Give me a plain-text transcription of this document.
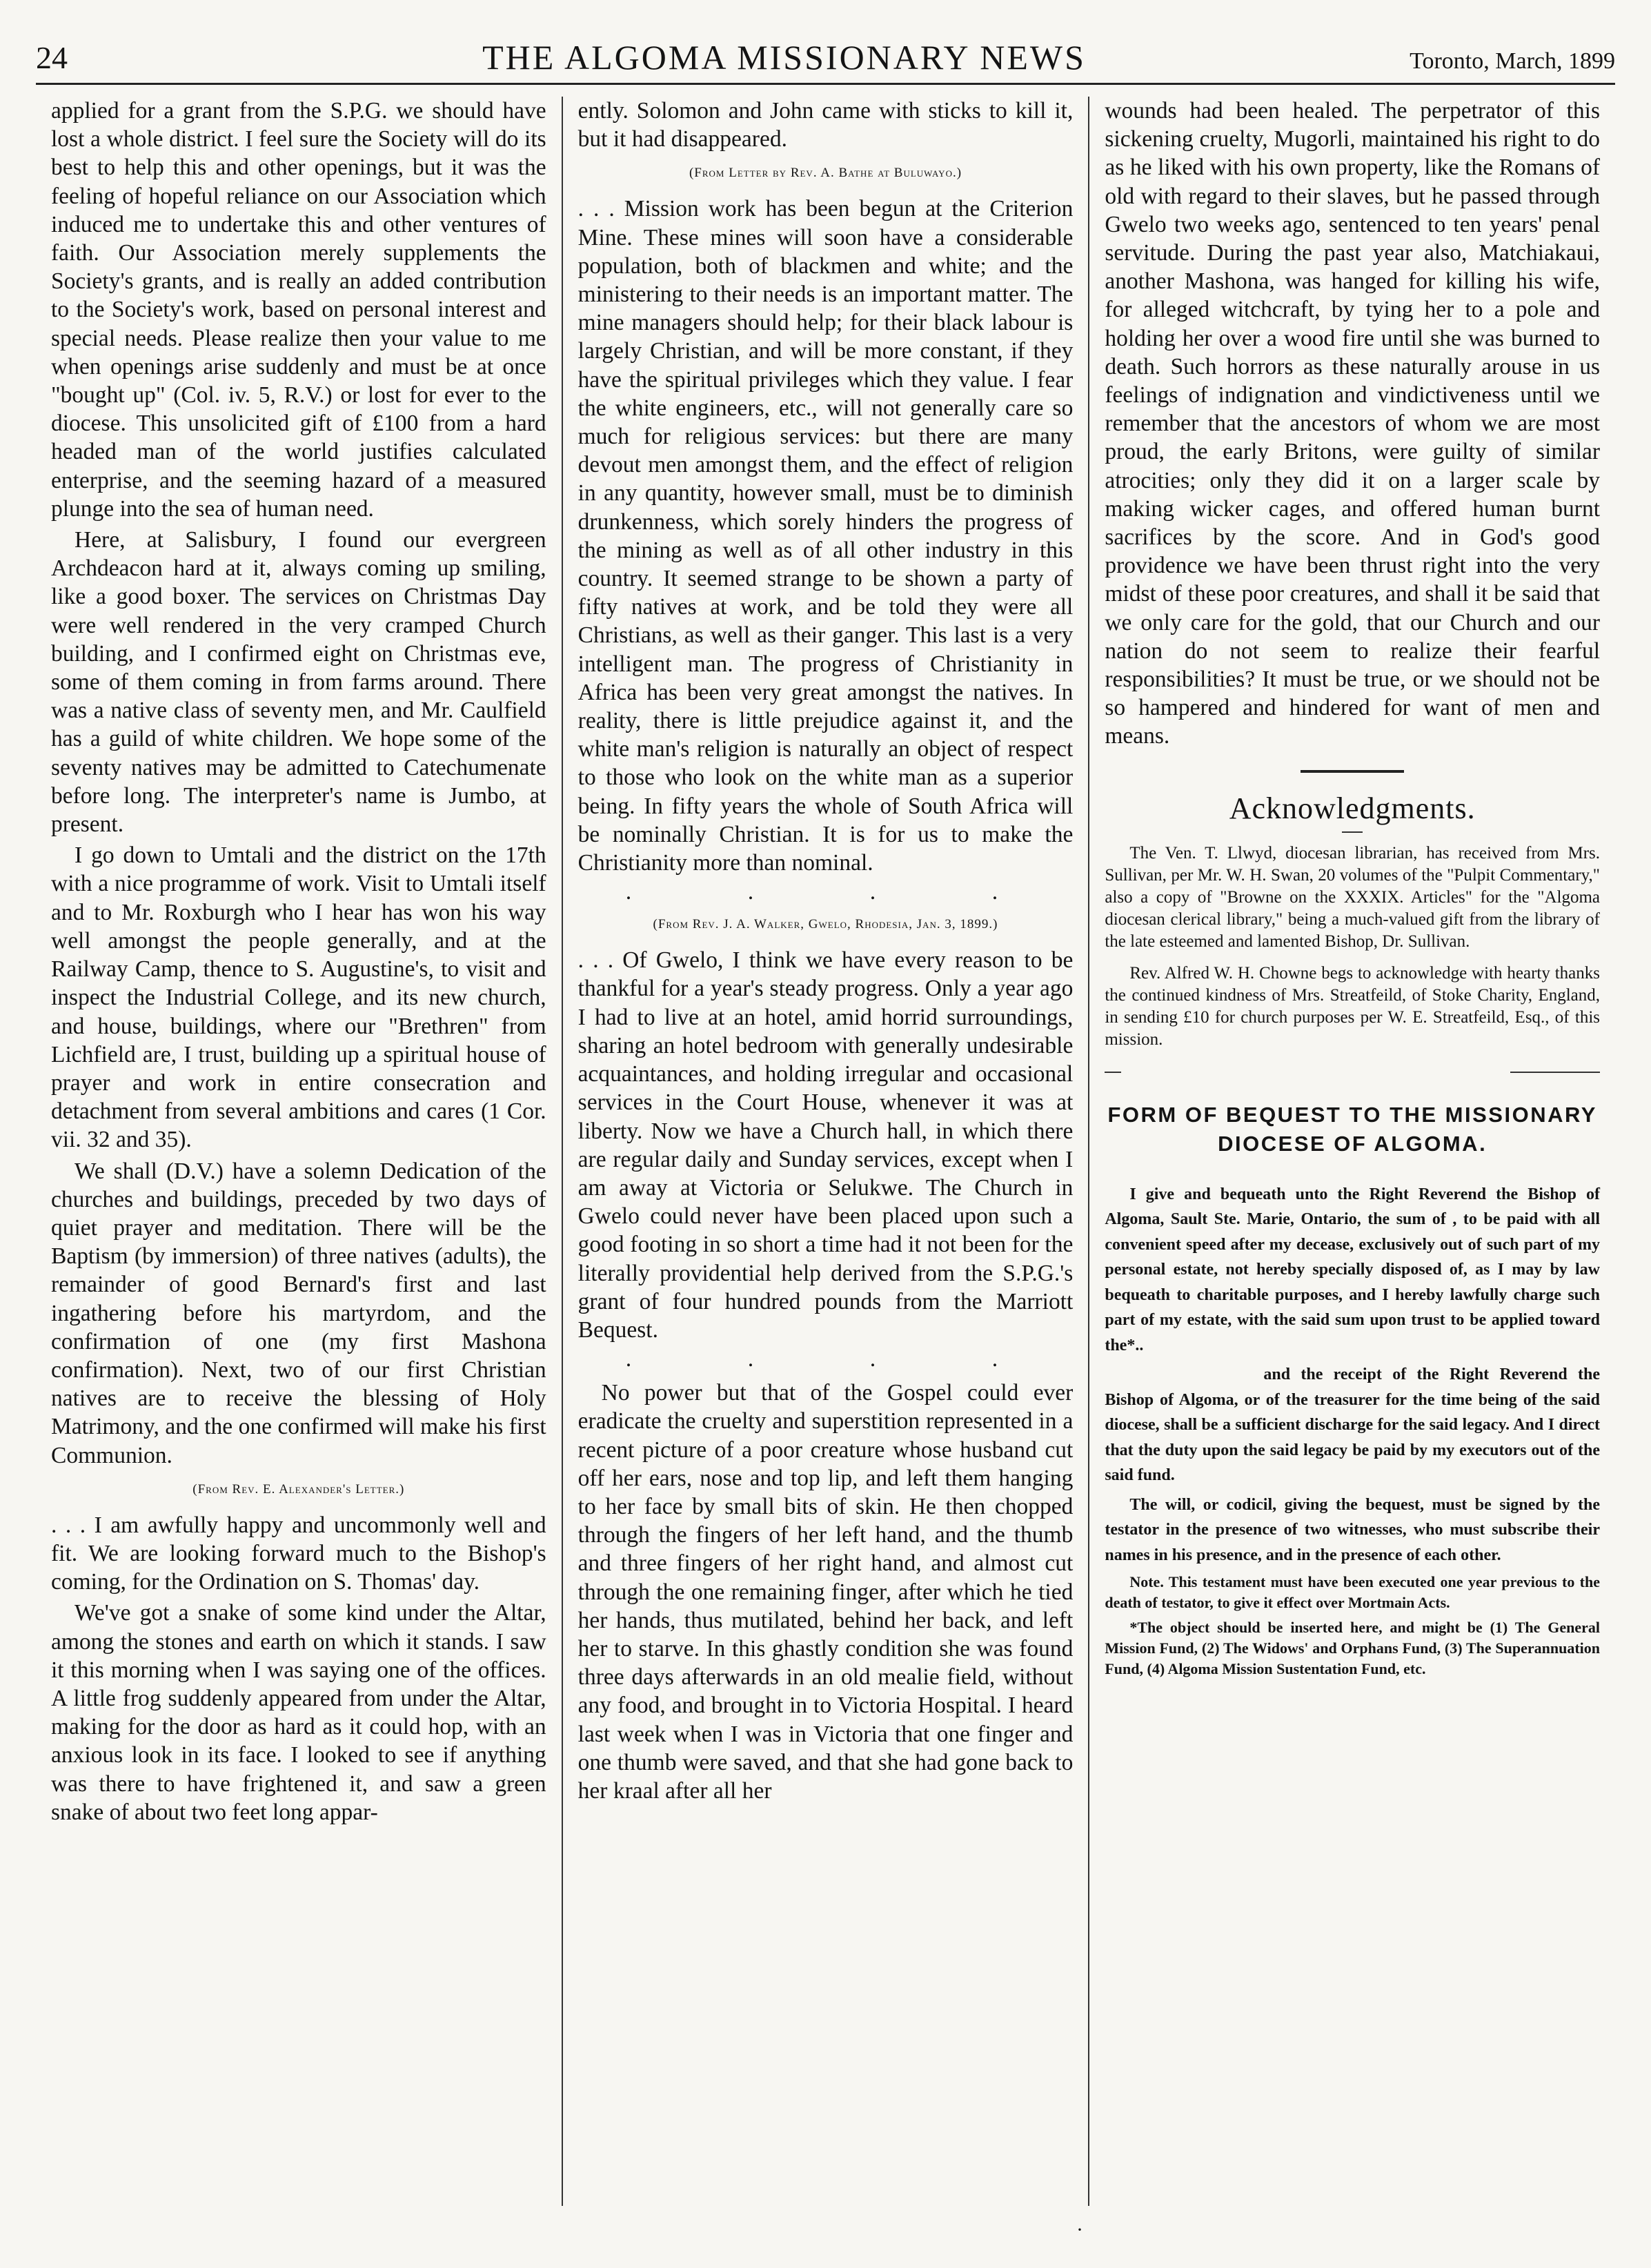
24	THE ALGOMA MISSIONARY NEWS	Toronto, March, 1899

applied for a grant from the S.P.G. we should have lost a whole district. I feel sure the Society will do its best to help this and other openings, but it was the feeling of hopeful reliance on our Association which induced me to undertake this and other ventures of faith. Our Association merely supplements the Society's grants, and is really an added contribution to the Society's work, based on personal interest and special needs. Please realize then your value to me when openings arise suddenly and must be at once "bought up" (Col. iv. 5, R.V.) or lost for ever to the diocese. This unsolicited gift of £100 from a hard headed man of the world justifies calculated enterprise, and the seeming hazard of a measured plunge into the sea of human need.

Here, at Salisbury, I found our evergreen Archdeacon hard at it, always coming up smiling, like a good boxer. The services on Christmas Day were well rendered in the very cramped Church building, and I confirmed eight on Christmas eve, some of them coming in from farms around. There was a native class of seventy men, and Mr. Caulfield has a guild of white children. We hope some of the seventy natives may be admitted to Catechumenate before long. The interpreter's name is Jumbo, at present.

I go down to Umtali and the district on the 17th with a nice programme of work. Visit to Umtali itself and to Mr. Roxburgh who I hear has won his way well amongst the people generally, and at the Railway Camp, thence to S. Augustine's, to visit and inspect the Industrial College, and its new church, and house, buildings, where our "Brethren" from Lichfield are, I trust, building up a spiritual house of prayer and work in entire consecration and detachment from several ambitions and cares (1 Cor. vii. 32 and 35).

We shall (D.V.) have a solemn Dedication of the churches and buildings, preceded by two days of quiet prayer and meditation. There will be the Baptism (by immersion) of three natives (adults), the remainder of good Bernard's first and last ingathering before his martyrdom, and the confirmation of one (my first Mashona confirmation). Next, two of our first Christian natives are to receive the blessing of Holy Matrimony, and the one confirmed will make his first Communion.

(From Rev. E. Alexander's Letter.)

. . . I am awfully happy and uncommonly well and fit. We are looking forward much to the Bishop's coming, for the Ordination on S. Thomas' day.

We've got a snake of some kind under the Altar, among the stones and earth on which it stands. I saw it this morning when I was saying one of the offices. A little frog suddenly appeared from under the Altar, making for the door as hard as it could hop, with an anxious look in its face. I looked to see if anything was there to have frightened it, and saw a green snake of about two feet long appar-

ently. Solomon and John came with sticks to kill it, but it had disappeared.

(From Letter by Rev. A. Bathe at Buluwayo.)

. . . Mission work has been begun at the Criterion Mine. These mines will soon have a considerable population, both of blackmen and white; and the ministering to their needs is an important matter. The mine managers should help; for their black labour is largely Christian, and will be more constant, if they have the spiritual privileges which they value. I fear the white engineers, etc., will not generally care so much for religious services: but there are many devout men amongst them, and the effect of religion in any quantity, however small, must be to diminish drunkenness, which sorely hinders the progress of the mining as well as of all other industry in this country. It seemed strange to be shown a party of fifty natives at work, and be told they were all Christians, as well as their ganger. This last is a very intelligent man. The progress of Christianity in Africa has been very great amongst the natives. In reality, there is little prejudice against it, and the white man's religion is naturally an object of respect to those who look on the white man as a superior being. In fifty years the whole of South Africa will be nominally Christian. It is for us to make the Christianity more than nominal.

. . . .
(From Rev. J. A. Walker, Gwelo, Rhodesia, Jan. 3, 1899.)

. . . Of Gwelo, I think we have every reason to be thankful for a year's steady progress. Only a year ago I had to live at an hotel, amid horrid surroundings, sharing an hotel bedroom with generally undesirable acquaintances, and holding irregular and occasional services in the Court House, whenever it was at liberty. Now we have a Church hall, in which there are regular daily and Sunday services, except when I am away at Victoria or Selukwe. The Church in Gwelo could never have been placed upon such a good footing in so short a time had it not been for the literally providential help derived from the S.P.G.'s grant of four hundred pounds from the Marriott Bequest.

. . . .

No power but that of the Gospel could ever eradicate the cruelty and superstition represented in a recent picture of a poor creature whose husband cut off her ears, nose and top lip, and left them hanging to her face by small bits of skin. He then chopped through the fingers of her left hand, and the thumb and three fingers of her right hand, and almost cut through the one remaining finger, after which he tied her hands, thus mutilated, behind her back, and left her to starve. In this ghastly condition she was found three days afterwards in an old mealie field, without any food, and brought in to Victoria Hospital. I heard last week when I was in Victoria that one finger and one thumb were saved, and that she had gone back to her kraal after all her

wounds had been healed. The perpetrator of this sickening cruelty, Mugorli, maintained his right to do as he liked with his own property, like the Romans of old with regard to their slaves, but he passed through Gwelo two weeks ago, sentenced to ten years' penal servitude. During the past year also, Matchiakaui, another Mashona, was hanged for killing his wife, for alleged witchcraft, by tying her to a pole and holding her over a wood fire until she was burned to death. Such horrors as these naturally arouse in us feelings of indignation and vindictiveness until we remember that the ancestors of whom we are most proud, the early Britons, were guilty of similar atrocities; only they did it on a larger scale by making wicker cages, and offered human burnt sacrifices by the score. And in God's good providence we have been thrust right into the very midst of these poor creatures, and shall it be said that we only care for the gold, that our Church and our nation do not seem to realize their fearful responsibilities? It must be true, or we should not be so hampered and hindered for want of men and means.

Acknowledgments.

The Ven. T. Llwyd, diocesan librarian, has received from Mrs. Sullivan, per Mr. W. H. Swan, 20 volumes of the "Pulpit Commentary," also a copy of "Browne on the XXXIX. Articles" for the "Algoma diocesan clerical library," being a much-valued gift from the library of the late esteemed and lamented Bishop, Dr. Sullivan.

Rev. Alfred W. H. Chowne begs to acknowledge with hearty thanks the continued kindness of Mrs. Streatfeild, of Stoke Charity, England, in sending £10 for church purposes per W. E. Streatfeild, Esq., of this mission.

FORM OF BEQUEST TO THE MISSIONARY DIOCESE OF ALGOMA.

I give and bequeath unto the Right Reverend the Bishop of Algoma, Sault Ste. Marie, Ontario, the sum of , to be paid with all convenient speed after my decease, exclusively out of such part of my personal estate, not hereby specially disposed of, as I may by law bequeath to charitable purposes, and I hereby lawfully charge such part of my estate, with the said sum upon trust to be applied toward the*..

and the receipt of the Right Reverend the Bishop of Algoma, or of the treasurer for the time being of the said diocese, shall be a sufficient discharge for the said legacy. And I direct that the duty upon the said legacy be paid by my executors out of the said fund.

The will, or codicil, giving the bequest, must be signed by the testator in the presence of two witnesses, who must subscribe their names in his presence, and in the presence of each other.

Note. This testament must have been executed one year previous to the death of testator, to give it effect over Mortmain Acts.

*The object should be inserted here, and might be (1) The General Mission Fund, (2) The Widows' and Orphans Fund, (3) The Superannuation Fund, (4) Algoma Mission Sustentation Fund, etc.

·
